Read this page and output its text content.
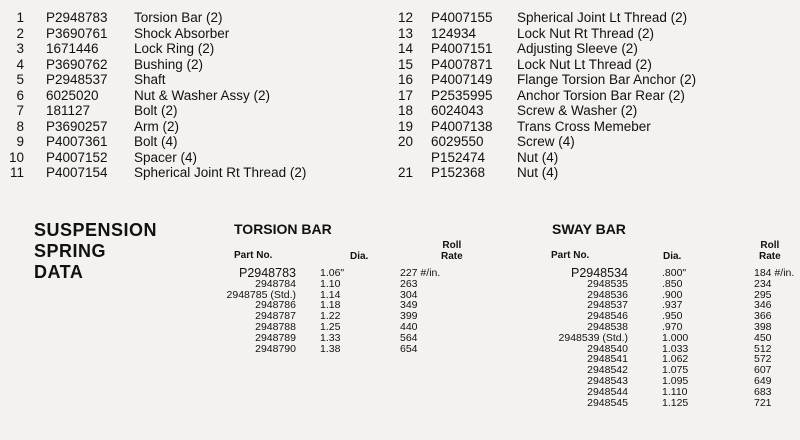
1 P2948783 Torsion Bar (2)
2 P3690761 Shock Absorber
3 1671446	Lock Ring (2)
4 P3690762 Bushing (2)
5 P2948537 Shaft
6 6025020	Nut & Washer Assy (2)
7 181127	Bolt (2)
8 P3690257 Arm (2)
9 P4007361 Bolt (4)
10 P4007152 Spacer (4)
11 P4007154 Spherical Joint Rt Thread (2)
12 P4007155 Spherical Joint Lt Thread (2)
13 124934	Lock Nut Rt Thread (2)
14 P4007151 Adjusting Sleeve (2)
15 P4007871 Lock Nut Lt Thread (2)
16 P4007149 Flange Torsion Bar Anchor (2)
17 P2535995 Anchor Torsion Bar Rear (2)
18 6024043 Screw & Washer (2)
19 P4007138 Trans Cross Memeber
20 6029550 Screw (4)
P152474 Nut (4)
21 P152368 Nut (4)
SUSPENSION
SPRING
DATA
TORSION BAR
Part No.	Dia.
Roll
Rate
P2948783 1.06"	227 #/in.
2948784 1.10	263
2948785 (Std.) 1.14	304
2948786 1.18	349
2948787 1.22	399
2948788 1.25	440
2948789 1.33	564
2948790 1.38	654
SWAY BAR
Part No.	Dia.
Roll
Rate
P2948534	.800"	184 #/in.
2948535	.850	234
2948536	.900	295
2948537	.937	346
2948546	.950	366
2948538	.970	398
2948539 (Std.)	1.000	450
2948540	1.033	512
2948541	1.062	572
2948542	1.075	607
2948543	1.095	649
2948544	1.110	683
2948545	1.125	721
